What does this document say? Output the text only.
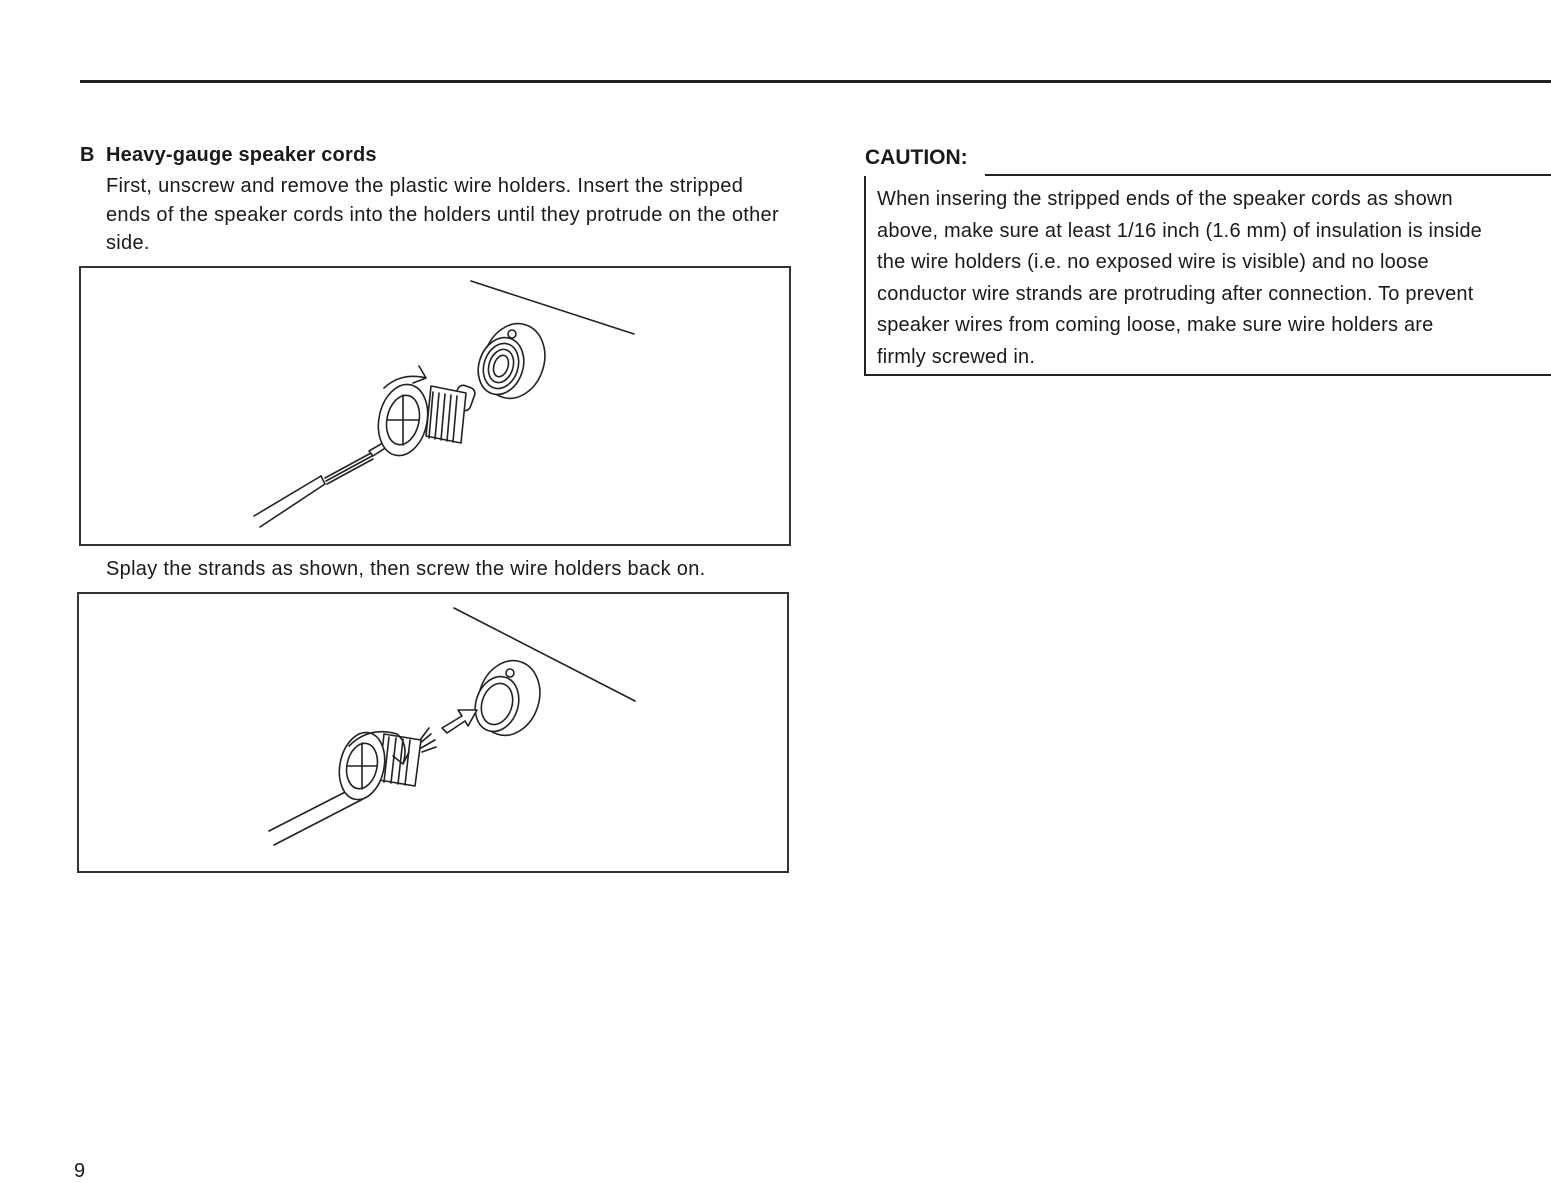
B Heavy-gauge speaker cords
First, unscrew and remove the plastic wire holders. Insert the stripped ends of the speaker cords into the holders until they protrude on the other side.
Splay the strands as shown, then screw the wire holders back on.
CAUTION:
When insering the stripped ends of the speaker cords as shown
above, make sure at least 1/16 inch (1.6 mm) of insulation is inside
the wire holders (i.e. no exposed wire is visible) and no loose
conductor wire strands are protruding after connection. To prevent
speaker wires from coming loose, make sure wire holders are
firmly screwed in.
9
